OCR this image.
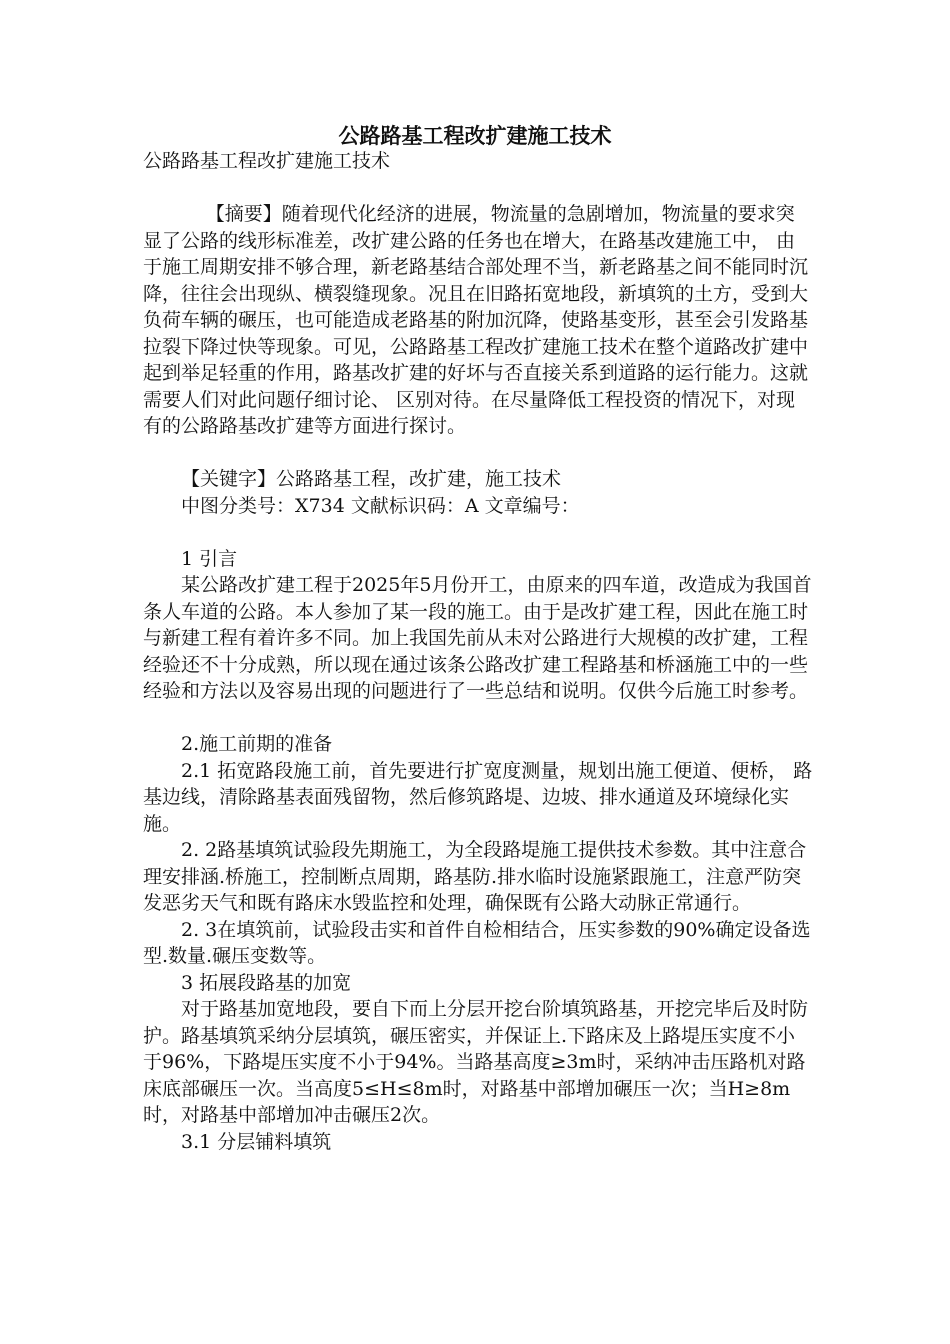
公路路基工程改扩建施工技术

公路路基工程改扩建施工技术

【摘要】随着现代化经济的进展，物流量的急剧增加，物流量的要求突显了公路的线形标准差，改扩建公路的任务也在增大，在路基改建施工中， 由于施工周期安排不够合理，新老路基结合部处理不当，新老路基之间不能同时沉降，往往会出现纵、横裂缝现象。况且在旧路拓宽地段，新填筑的土方，受到大负荷车辆的碾压，也可能造成老路基的附加沉降，使路基变形，甚至会引发路基拉裂下降过快等现象。可见，公路路基工程改扩建施工技术在整个道路改扩建中起到举足轻重的作用，路基改扩建的好坏与否直接关系到道路的运行能力。这就需要人们对此问题仔细讨论、 区别对待。在尽量降低工程投资的情况下，对现有的公路路基改扩建等方面进行探讨。

【关键字】公路路基工程，改扩建，施工技术

中图分类号：X734 文献标识码：A 文章编号：

1 引言

某公路改扩建工程于2025年5月份开工，由原来的四车道，改造成为我国首条人车道的公路。本人参加了某一段的施工。由于是改扩建工程，因此在施工时与新建工程有着许多不同。加上我国先前从未对公路进行大规模的改扩建，工程经验还不十分成熟，所以现在通过该条公路改扩建工程路基和桥涵施工中的一些经验和方法以及容易出现的问题进行了一些总结和说明。仅供今后施工时参考。

2.施工前期的准备

2.1 拓宽路段施工前，首先要进行扩宽度测量，规划出施工便道、便桥， 路基边线，清除路基表面残留物，然后修筑路堤、边坡、排水通道及环境绿化实施。

2. 2路基填筑试验段先期施工，为全段路堤施工提供技术参数。其中注意合理安排涵.桥施工，控制断点周期，路基防.排水临时设施紧跟施工，注意严防突发恶劣天气和既有路床水毁监控和处理，确保既有公路大动脉正常通行。

2. 3在填筑前，试验段击实和首件自检相结合，压实参数的90%确定设备选型.数量.碾压变数等。

3 拓展段路基的加宽

对于路基加宽地段，要自下而上分层开挖台阶填筑路基，开挖完毕后及时防护。路基填筑采纳分层填筑，碾压密实，并保证上.下路床及上路堤压实度不小于96%，下路堤压实度不小于94%。当路基高度≥3m时，采纳冲击压路机对路床底部碾压一次。当高度5≤H≤8m时，对路基中部增加碾压一次；当H≥8m时，对路基中部增加冲击碾压2次。

3.1 分层铺料填筑
